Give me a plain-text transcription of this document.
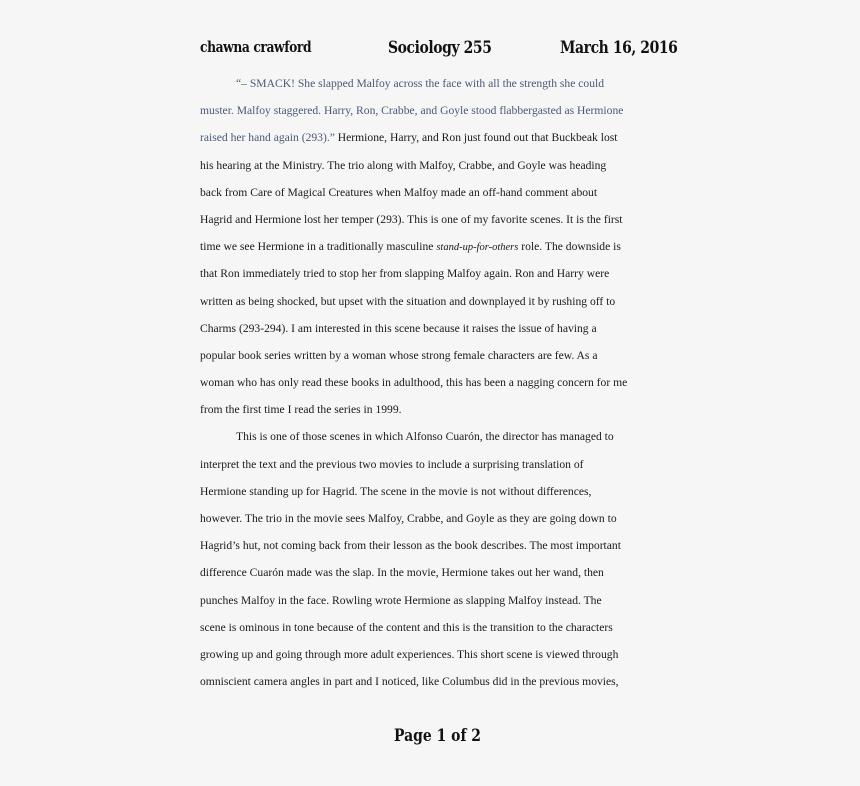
chawna crawford	Sociology 255	March 16, 2016
“– SMACK! She slapped Malfoy across the face with all the strength she could
muster. Malfoy staggered. Harry, Ron, Crabbe, and Goyle stood flabbergasted as Hermione
raised her hand again (293).” Hermione, Harry, and Ron just found out that Buckbeak lost
his hearing at the Ministry. The trio along with Malfoy, Crabbe, and Goyle was heading
back from Care of Magical Creatures when Malfoy made an off-hand comment about
Hagrid and Hermione lost her temper (293). This is one of my favorite scenes. It is the first
time we see Hermione in a traditionally masculine stand-up-for-others role. The downside is
that Ron immediately tried to stop her from slapping Malfoy again. Ron and Harry were
written as being shocked, but upset with the situation and downplayed it by rushing off to
Charms (293-294). I am interested in this scene because it raises the issue of having a
popular book series written by a woman whose strong female characters are few. As a
woman who has only read these books in adulthood, this has been a nagging concern for me
from the first time I read the series in 1999.
This is one of those scenes in which Alfonso Cuarón, the director has managed to
interpret the text and the previous two movies to include a surprising translation of
Hermione standing up for Hagrid. The scene in the movie is not without differences,
however. The trio in the movie sees Malfoy, Crabbe, and Goyle as they are going down to
Hagrid’s hut, not coming back from their lesson as the book describes. The most important
difference Cuarón made was the slap. In the movie, Hermione takes out her wand, then
punches Malfoy in the face. Rowling wrote Hermione as slapping Malfoy instead. The
scene is ominous in tone because of the content and this is the transition to the characters
growing up and going through more adult experiences. This short scene is viewed through
omniscient camera angles in part and I noticed, like Columbus did in the previous movies,
Page 1 of 2
